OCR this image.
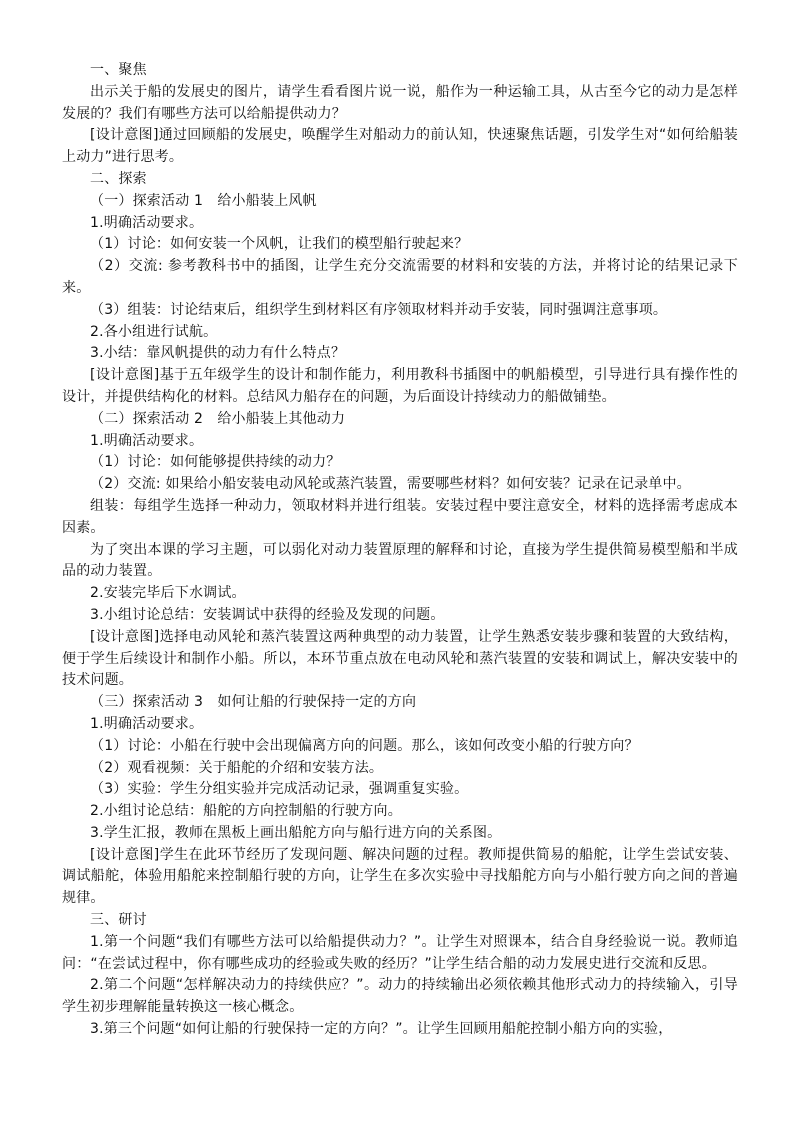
一、聚焦

出示关于船的发展史的图片，请学生看看图片说一说，船作为一种运输工具，从古至今它的动力是怎样发展的？我们有哪些方法可以给船提供动力？

[设计意图]通过回顾船的发展史，唤醒学生对船动力的前认知，快速聚焦话题，引发学生对“如何给船装上动力”进行思考。

二、探索
（一）探索活动 1　给小船装上风帆

1.明确活动要求。

（1）讨论：如何安装一个风帆，让我们的模型船行驶起来？

（2）交流: 参考教科书中的插图，让学生充分交流需要的材料和安装的方法，并将讨论的结果记录下来。

（3）组装：讨论结束后，组织学生到材料区有序领取材料并动手安装，同时强调注意事项。

2.各小组进行试航。

3.小结：靠风帆提供的动力有什么特点？

[设计意图]基于五年级学生的设计和制作能力，利用教科书插图中的帆船模型，引导进行具有操作性的设计，并提供结构化的材料。总结风力船存在的问题，为后面设计持续动力的船做铺垫。

（二）探索活动 2　给小船装上其他动力

1.明确活动要求。

（1）讨论：如何能够提供持续的动力？

（2）交流: 如果给小船安装电动风轮或蒸汽装置，需要哪些材料？如何安装？记录在记录单中。

组装：每组学生选择一种动力，领取材料并进行组装。安装过程中要注意安全，材料的选择需考虑成本因素。

为了突出本课的学习主题，可以弱化对动力装置原理的解释和讨论，直接为学生提供简易模型船和半成品的动力装置。

2.安装完毕后下水调试。

3.小组讨论总结：安装调试中获得的经验及发现的问题。

[设计意图]选择电动风轮和蒸汽装置这两种典型的动力装置，让学生熟悉安装步骤和装置的大致结构，便于学生后续设计和制作小船。所以，本环节重点放在电动风轮和蒸汽装置的安装和调试上，解决安装中的技术问题。

（三）探索活动 3　如何让船的行驶保持一定的方向

1.明确活动要求。

（1）讨论：小船在行驶中会出现偏离方向的问题。那么，该如何改变小船的行驶方向？

（2）观看视频：关于船舵的介绍和安装方法。

（3）实验：学生分组实验并完成活动记录，强调重复实验。

2.小组讨论总结：船舵的方向控制船的行驶方向。

3.学生汇报，教师在黑板上画出船舵方向与船行进方向的关系图。

[设计意图]学生在此环节经历了发现问题、解决问题的过程。教师提供简易的船舵，让学生尝试安装、调试船舵，体验用船舵来控制船行驶的方向，让学生在多次实验中寻找船舵方向与小船行驶方向之间的普遍规律。

三、研讨

1.第一个问题“我们有哪些方法可以给船提供动力？”。让学生对照课本，结合自身经验说一说。教师追问：“在尝试过程中，你有哪些成功的经验或失败的经历？”让学生结合船的动力发展史进行交流和反思。

2.第二个问题“怎样解决动力的持续供应？”。动力的持续输出必须依赖其他形式动力的持续输入，引导学生初步理解能量转换这一核心概念。

3.第三个问题“如何让船的行驶保持一定的方向？”。让学生回顾用船舵控制小船方向的实验，
